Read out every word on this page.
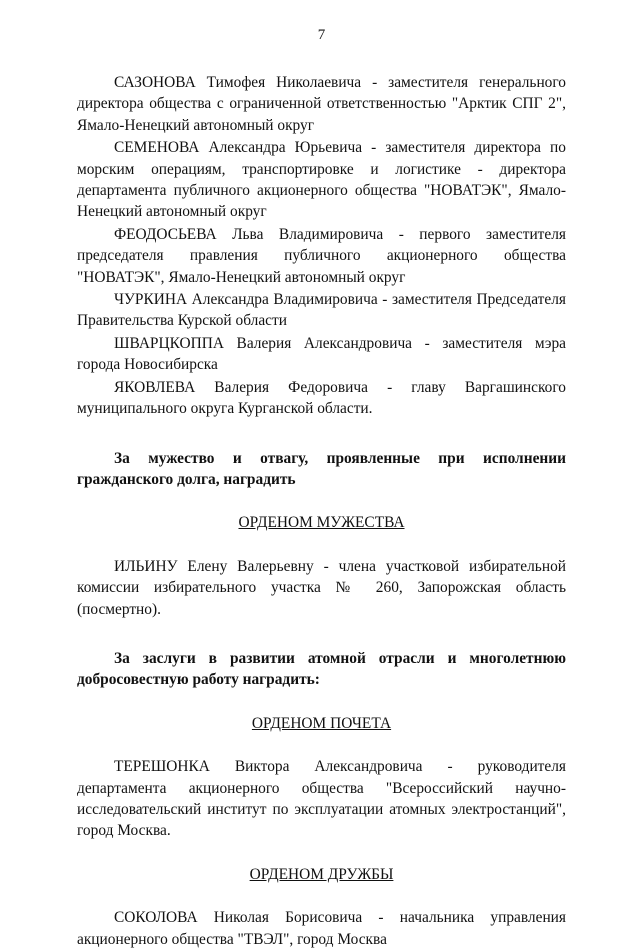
7

САЗОНОВА Тимофея Николаевича - заместителя генерального директора общества с ограниченной ответственностью "Арктик СПГ 2", Ямало-Ненецкий автономный округ

СЕМЕНОВА Александра Юрьевича - заместителя директора по морским операциям, транспортировке и логистике - директора департамента публичного акционерного общества "НОВАТЭК", Ямало-Ненецкий автономный округ

ФЕОДОСЬЕВА Льва Владимировича - первого заместителя председателя правления публичного акционерного общества "НОВАТЭК", Ямало-Ненецкий автономный округ

ЧУРКИНА Александра Владимировича - заместителя Председателя Правительства Курской области

ШВАРЦКОППА Валерия Александровича - заместителя мэра города Новосибирска

ЯКОВЛЕВА Валерия Федоровича - главу Варгашинского муниципального округа Курганской области.

За мужество и отвагу, проявленные при исполнении гражданского долга, наградить

ОРДЕНОМ МУЖЕСТВА

ИЛЬИНУ Елену Валерьевну - члена участковой избирательной комиссии избирательного участка № 260, Запорожская область (посмертно).

За заслуги в развитии атомной отрасли и многолетнюю добросовестную работу наградить:

ОРДЕНОМ ПОЧЕТА

ТЕРЕШОНКА Виктора Александровича - руководителя департамента акционерного общества "Всероссийский научно-исследовательский институт по эксплуатации атомных электростанций", город Москва.

ОРДЕНОМ ДРУЖБЫ

СОКОЛОВА Николая Борисовича - начальника управления акционерного общества "ТВЭЛ", город Москва
